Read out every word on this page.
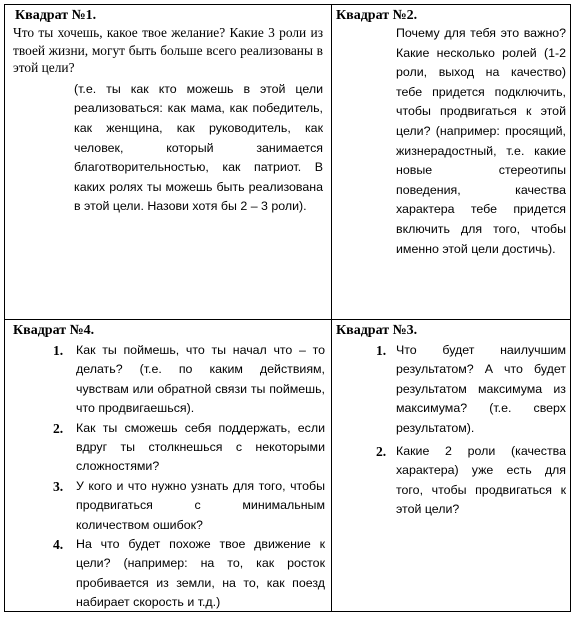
Квадрат №1.

Что ты хочешь, какое твое желание? Какие 3 роли из твоей жизни, могут быть больше всего реализованы в этой цели?

(т.е. ты как кто можешь в этой цели реализоваться: как мама, как победитель, как женщина, как руководитель, как человек, который занимается благотворительностью, как патриот. В каких ролях ты можешь быть реализована в этой цели. Назови хотя бы 2 – 3 роли).

Квадрат №2.

Почему для тебя это важно? Какие несколько ролей (1-2 роли, выход на качество) тебе придется подключить, чтобы продвигаться к этой цели? (например: просящий, жизнерадостный, т.е. какие новые стереотипы поведения, качества характера тебе придется включить для того, чтобы именно этой цели достичь).

Квадрат №4.

1. Как ты поймешь, что ты начал что – то делать? (т.е. по каким действиям, чувствам или обратной связи ты поймешь, что продвигаешься).
2. Как ты сможешь себя поддержать, если вдруг ты столкнешься с некоторыми сложностями?
3. У кого и что нужно узнать для того, чтобы продвигаться с минимальным количеством ошибок?
4. На что будет похоже твое движение к цели? (например: на то, как росток пробивается из земли, на то, как поезд набирает скорость и т.д.)

Квадрат №3.

1. Что будет наилучшим результатом? А что будет результатом максимума из максимума? (т.е. сверх результатом).
2. Какие 2 роли (качества характера) уже есть для того, чтобы продвигаться к этой цели?
